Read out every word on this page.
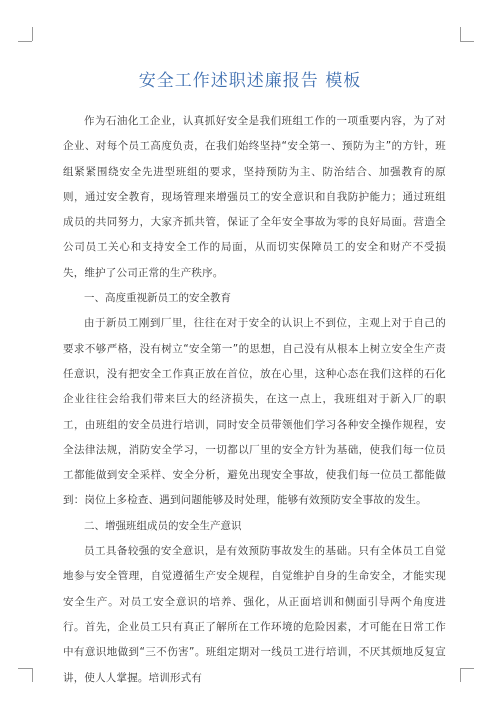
安全工作述职述廉报告 模板

作为石油化工企业，认真抓好安全是我们班组工作的一项重要内容，为了对企业、对每个员工高度负责，在我们始终坚持“安全第一、预防为主”的方针，班组紧紧围绕安全先进型班组的要求，坚持预防为主、防治结合、加强教育的原则，通过安全教育，现场管理来增强员工的安全意识和自我防护能力；通过班组成员的共同努力，大家齐抓共管，保证了全年安全事故为零的良好局面。营造全公司员工关心和支持安全工作的局面，从而切实保障员工的安全和财产不受损失，维护了公司正常的生产秩序。

一、高度重视新员工的安全教育

由于新员工刚到厂里，往往在对于安全的认识上不到位，主观上对于自己的要求不够严格，没有树立“安全第一”的思想，自己没有从根本上树立安全生产责任意识，没有把安全工作真正放在首位，放在心里，这种心态在我们这样的石化企业往往会给我们带来巨大的经济损失，在这一点上，我班组对于新入厂的职工，由班组的安全员进行培训，同时安全员带领他们学习各种安全操作规程，安全法律法规，消防安全学习，一切都以厂里的安全方针为基础，使我们每一位员工都能做到安全采样、安全分析，避免出现安全事故，使我们每一位员工都能做到：岗位上多检查、遇到问题能够及时处理，能够有效预防安全事故的发生。

二、增强班组成员的安全生产意识

员工具备较强的安全意识，是有效预防事故发生的基础。只有全体员工自觉地参与安全管理，自觉遵循生产安全规程，自觉维护自身的生命安全，才能实现安全生产。对员工安全意识的培养、强化，从正面培训和侧面引导两个角度进行。首先，企业员工只有真正了解所在工作环境的危险因素，才可能在日常工作中有意识地做到“三不伤害”。班组定期对一线员工进行培训，不厌其烦地反复宣讲，使人人掌握。培训形式有
